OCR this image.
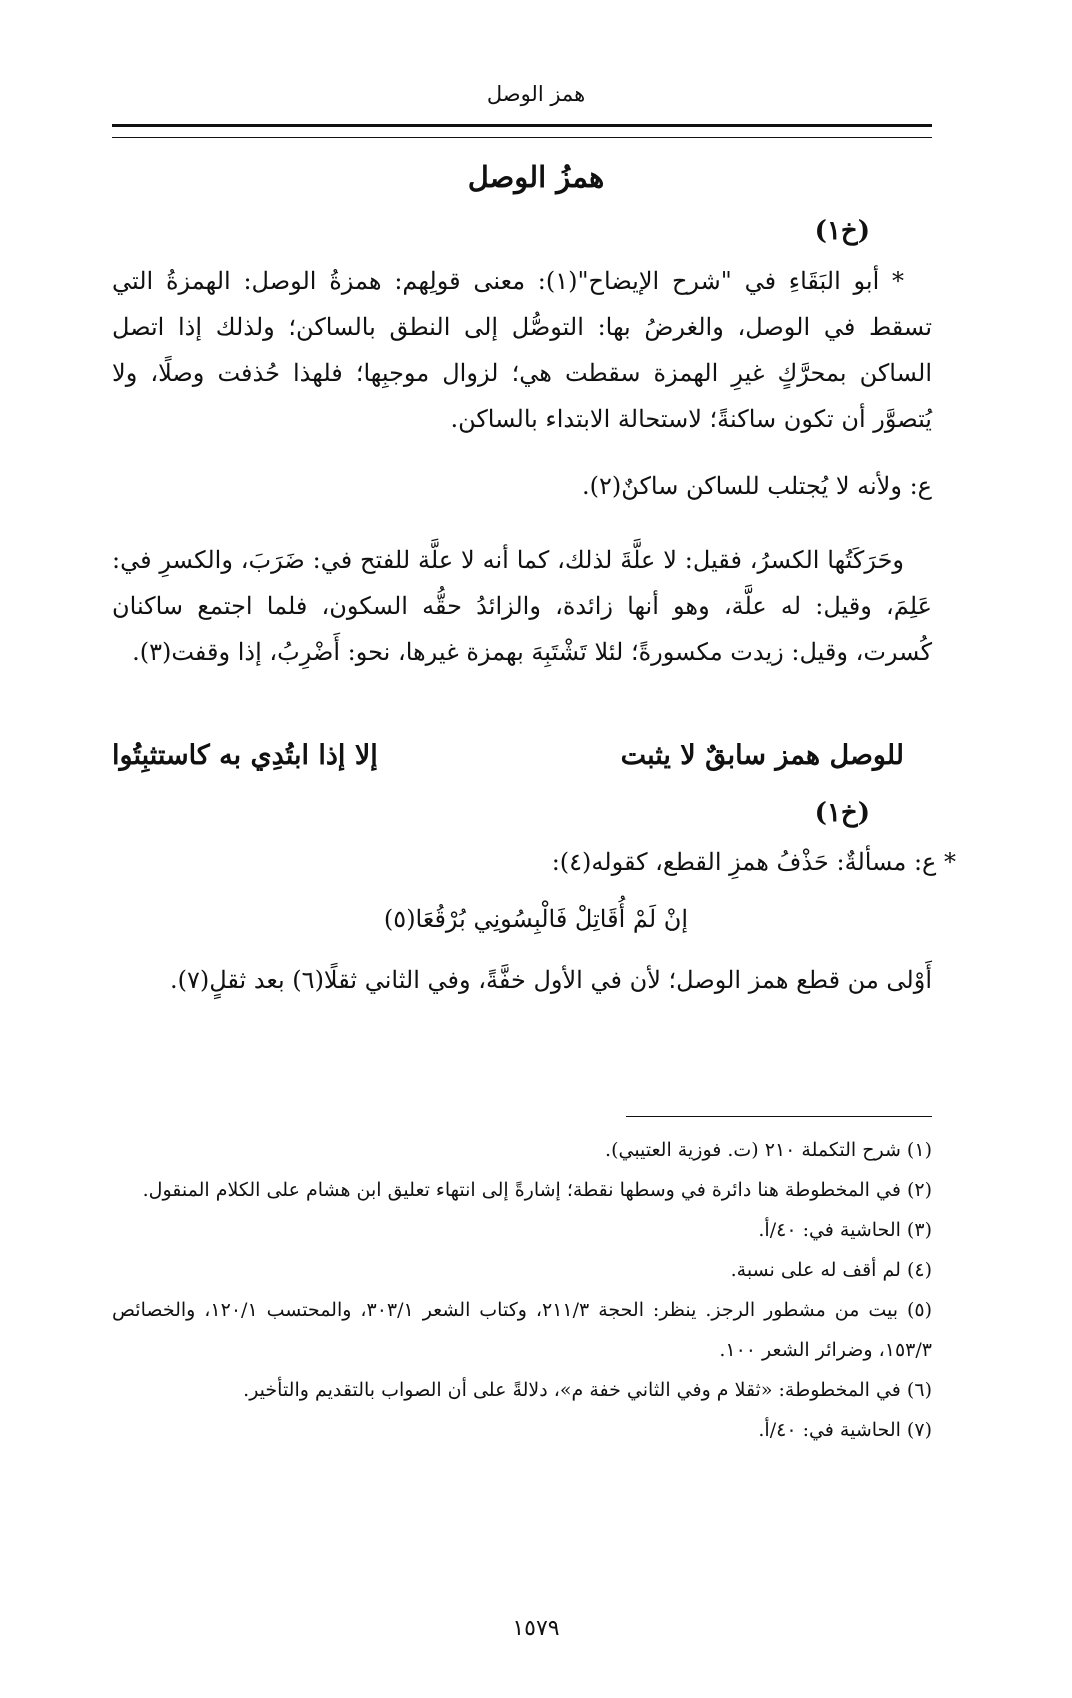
همز الوصل
همزُ الوصل
(خ١)

* أبو البَقَاءِ في "شرح الإيضاح"(١): معنى قولِهم: همزةُ الوصل: الهمزةُ التي تسقط في الوصل، والغرضُ بها: التوصُّل إلى النطق بالساكن؛ ولذلك إذا اتصل الساكن بمحرَّكٍ غيرِ الهمزة سقطت هي؛ لزوال موجبِها؛ فلهذا حُذفت وصلًا، ولا يُتصوَّر أن تكون ساكنةً؛ لاستحالة الابتداء بالساكن.

ع: ولأنه لا يُجتلب للساكن ساكنٌ(٢).

وحَرَكَتُها الكسرُ، فقيل: لا علَّةَ لذلك، كما أنه لا علَّة للفتح في: ضَرَبَ، والكسرِ في: عَلِمَ، وقيل: له علَّة، وهو أنها زائدة، والزائدُ حقُّه السكون، فلما اجتمع ساكنان كُسرت، وقيل: زيدت مكسورةً؛ لئلا تَشْتَبِهَ بهمزة غيرها، نحو: أَضْرِبُ، إذا وقفت(٣).

للوصل همز سابقٌ لا يثبت
إلا إذا ابتُدِي به كاستثبِتُوا
(خ١)
* ع: مسألةٌ: حَذْفُ همزِ القطع، كقوله(٤):
إنْ لَمْ أُقَاتِلْ فَالْبِسُونِي بُرْقُعَا(٥)

أَوْلى من قطع همز الوصل؛ لأن في الأول خفَّةً، وفي الثاني ثقلًا(٦) بعد ثقلٍ(٧).

(١) شرح التكملة ٢١٠ (ت. فوزية العتيبي).

(٢) في المخطوطة هنا دائرة في وسطها نقطة؛ إشارةً إلى انتهاء تعليق ابن هشام على الكلام المنقول.

(٣) الحاشية في: ٤٠/أ.

(٤) لم أقف له على نسبة.

(٥) بيت من مشطور الرجز. ينظر: الحجة ٢١١/٣، وكتاب الشعر ٣٠٣/١، والمحتسب ١٢٠/١، والخصائص ١٥٣/٣، وضرائر الشعر ١٠٠.

(٦) في المخطوطة: «ثقلا م وفي الثاني خفة م»، دلالةً على أن الصواب بالتقديم والتأخير.

(٧) الحاشية في: ٤٠/أ.

١٥٧٩
